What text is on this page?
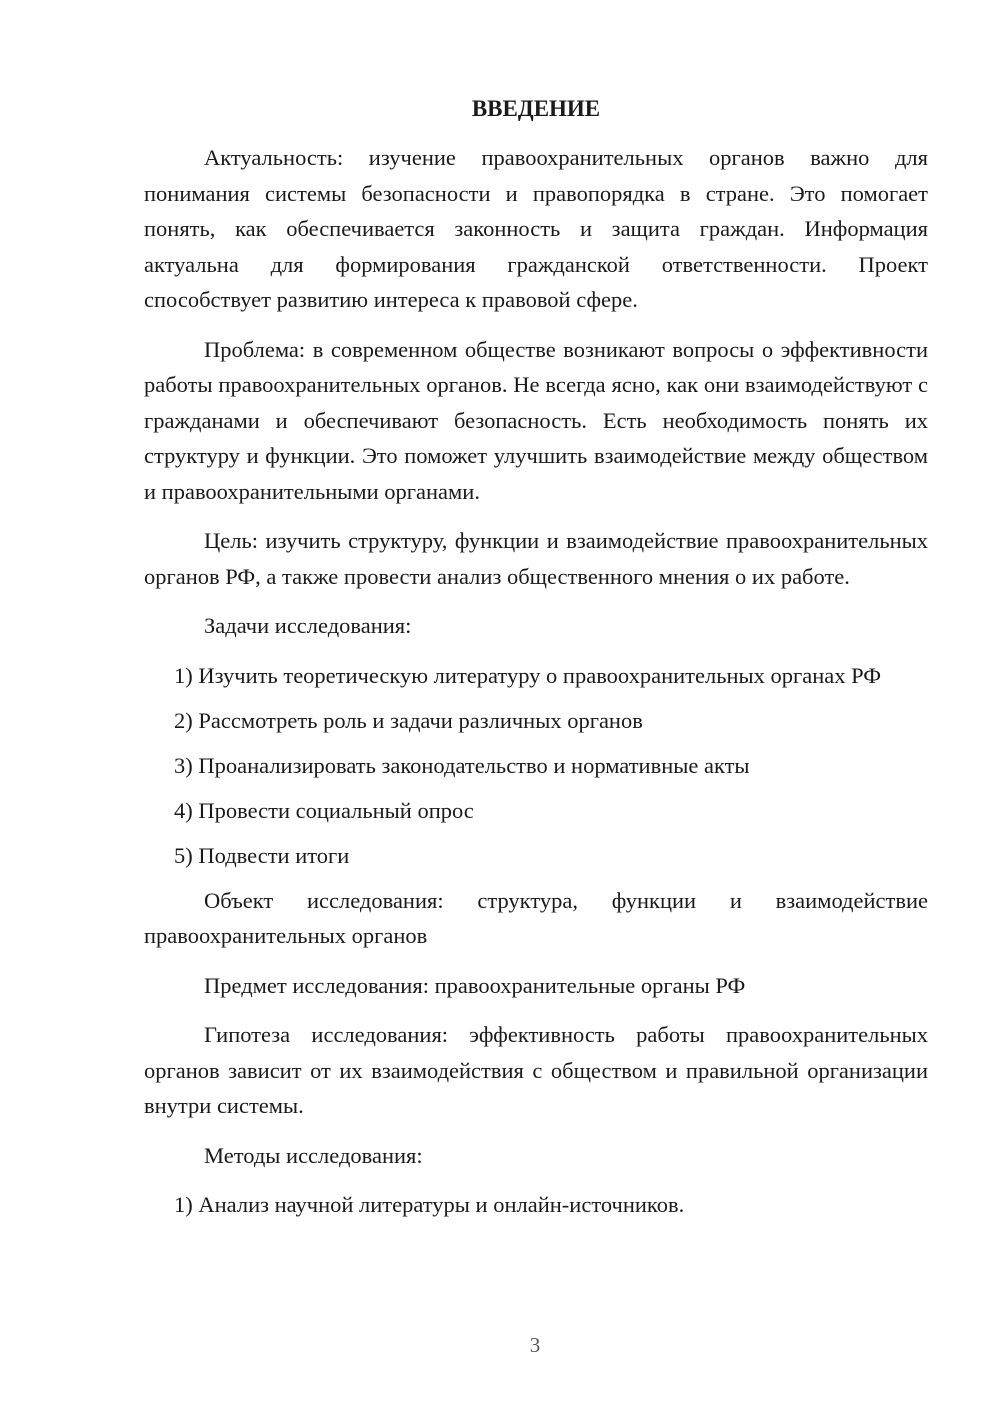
ВВЕДЕНИЕ

Актуальность: изучение правоохранительных органов важно для понимания системы безопасности и правопорядка в стране. Это помогает понять, как обеспечивается законность и защита граждан. Информация актуальна для формирования гражданской ответственности. Проект способствует развитию интереса к правовой сфере.

Проблема: в современном обществе возникают вопросы о эффективности работы правоохранительных органов. Не всегда ясно, как они взаимодействуют с гражданами и обеспечивают безопасность. Есть необходимость понять их структуру и функции. Это поможет улучшить взаимодействие между обществом и правоохранительными органами.

Цель: изучить структуру, функции и взаимодействие правоохранительных органов РФ, а также провести анализ общественного мнения о их работе.

Задачи исследования:

1) Изучить теоретическую литературу о правоохранительных органах РФ

2) Рассмотреть роль и задачи различных органов

3) Проанализировать законодательство и нормативные акты

4) Провести социальный опрос

5) Подвести итоги

Объект исследования: структура, функции и взаимодействие правоохранительных органов

Предмет исследования: правоохранительные органы РФ

Гипотеза исследования: эффективность работы правоохранительных органов зависит от их взаимодействия с обществом и правильной организации внутри системы.

Методы исследования:

1) Анализ научной литературы и онлайн-источников.

3
